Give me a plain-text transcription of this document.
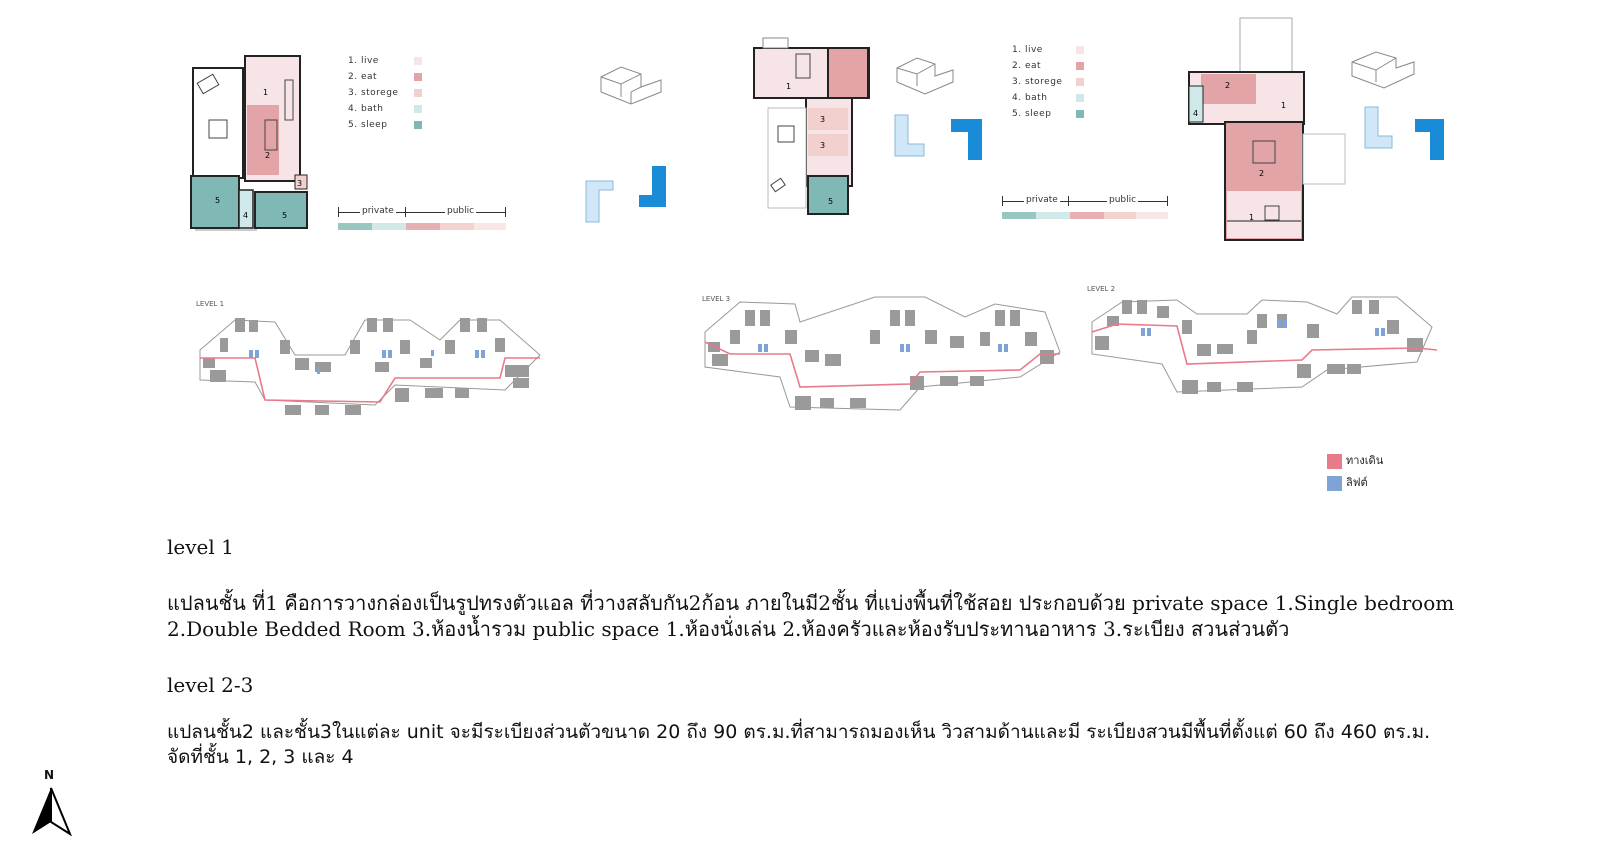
3
1
2
5
4	5
1. live
2. eat
3. storege
4. bath
5. sleep
private	public
1
3
3
5
1. live
2. eat
3. storege
4. bath
5. sleep
private	public
2
1
4
2
1
LEVEL 1
LEVEL 3
LEVEL 2
ทางเดิน
ลิฟต์
level 1
แปลนชั้น ที่1 คือการวางกล่องเป็นรูปทรงตัวแอล ที่วางสลับกัน2ก้อน ภายในมี2ชั้น ที่แบ่งพื้นที่ใช้สอย ประกอบด้วย private space 1.Single bedroom
2.Double Bedded Room 3.ห้องน้ำรวม public space 1.ห้องนั่งเล่น 2.ห้องครัวและห้องรับประทานอาหาร 3.ระเบียง สวนส่วนตัว
level 2-3
แปลนชั้น2 และชั้น3ในแต่ละ unit จะมีระเบียงส่วนตัวขนาด 20 ถึง 90 ตร.ม.ที่สามารถมองเห็น วิวสามด้านและมี ระเบียงสวนมีพื้นที่ตั้งแต่ 60 ถึง 460 ตร.ม.
จัดที่ชั้น 1, 2, 3 และ 4
N
